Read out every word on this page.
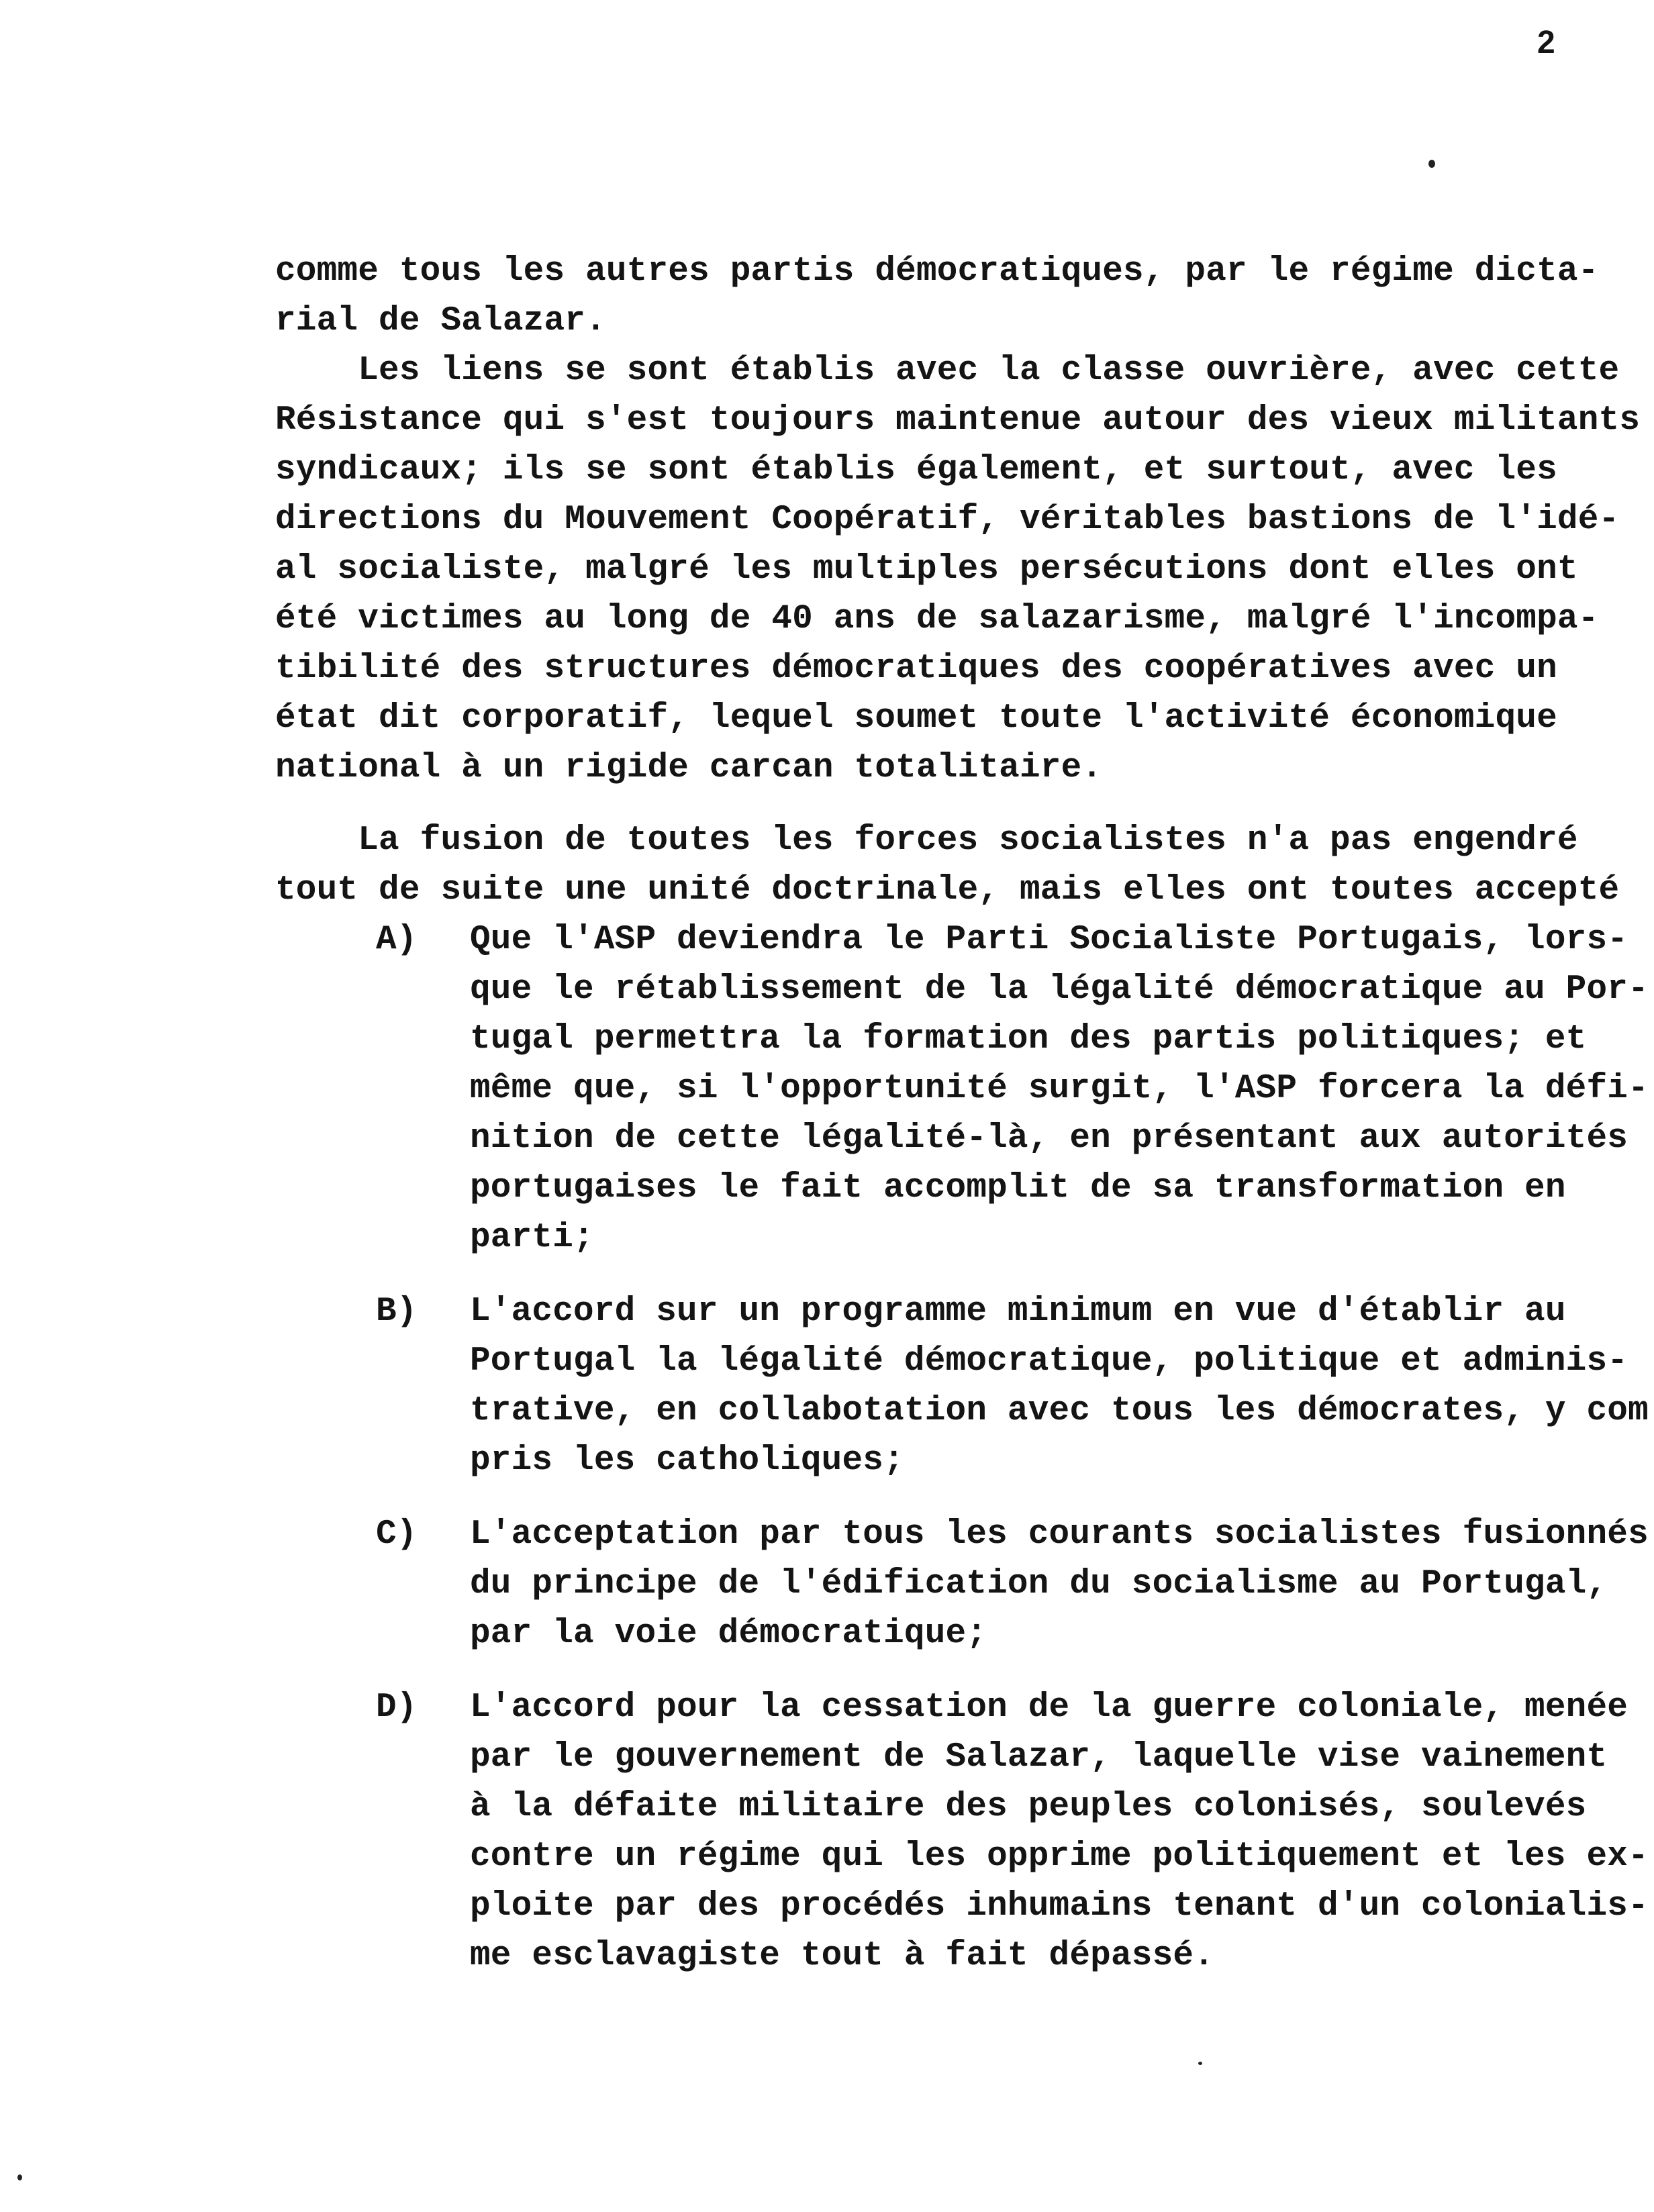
2
comme tous les autres partis démocratiques, par le régime dicta-
rial de Salazar.
Les liens se sont établis avec la classe ouvrière, avec cette
Résistance qui s'est toujours maintenue autour des vieux militants
syndicaux; ils se sont établis également, et surtout, avec les
directions du Mouvement Coopératif, véritables bastions de l'idé-
al socialiste, malgré les multiples persécutions dont elles ont
été victimes au long de 40 ans de salazarisme, malgré l'incompa-
tibilité des structures démocratiques des coopératives avec un
état dit corporatif, lequel soumet toute l'activité économique
national à un rigide carcan totalitaire.
La fusion de toutes les forces socialistes n'a pas engendré
tout de suite une unité doctrinale, mais elles ont toutes accepté
A) Que l'ASP deviendra le Parti Socialiste Portugais, lors-
que le rétablissement de la légalité démocratique au Por-
tugal permettra la formation des partis politiques; et
même que, si l'opportunité surgit, l'ASP forcera la défi-
nition de cette légalité-là, en présentant aux autorités
portugaises le fait accomplit de sa transformation en
parti;
B) L'accord sur un programme minimum en vue d'établir au
Portugal la légalité démocratique, politique et adminis-
trative, en collabotation avec tous les démocrates, y com
pris les catholiques;
C) L'acceptation par tous les courants socialistes fusionnés
du principe de l'édification du socialisme au Portugal,
par la voie démocratique;
D) L'accord pour la cessation de la guerre coloniale, menée
par le gouvernement de Salazar, laquelle vise vainement
à la défaite militaire des peuples colonisés, soulevés
contre un régime qui les opprime politiquement et les ex-
ploite par des procédés inhumains tenant d'un colonialis-
me esclavagiste tout à fait dépassé.
